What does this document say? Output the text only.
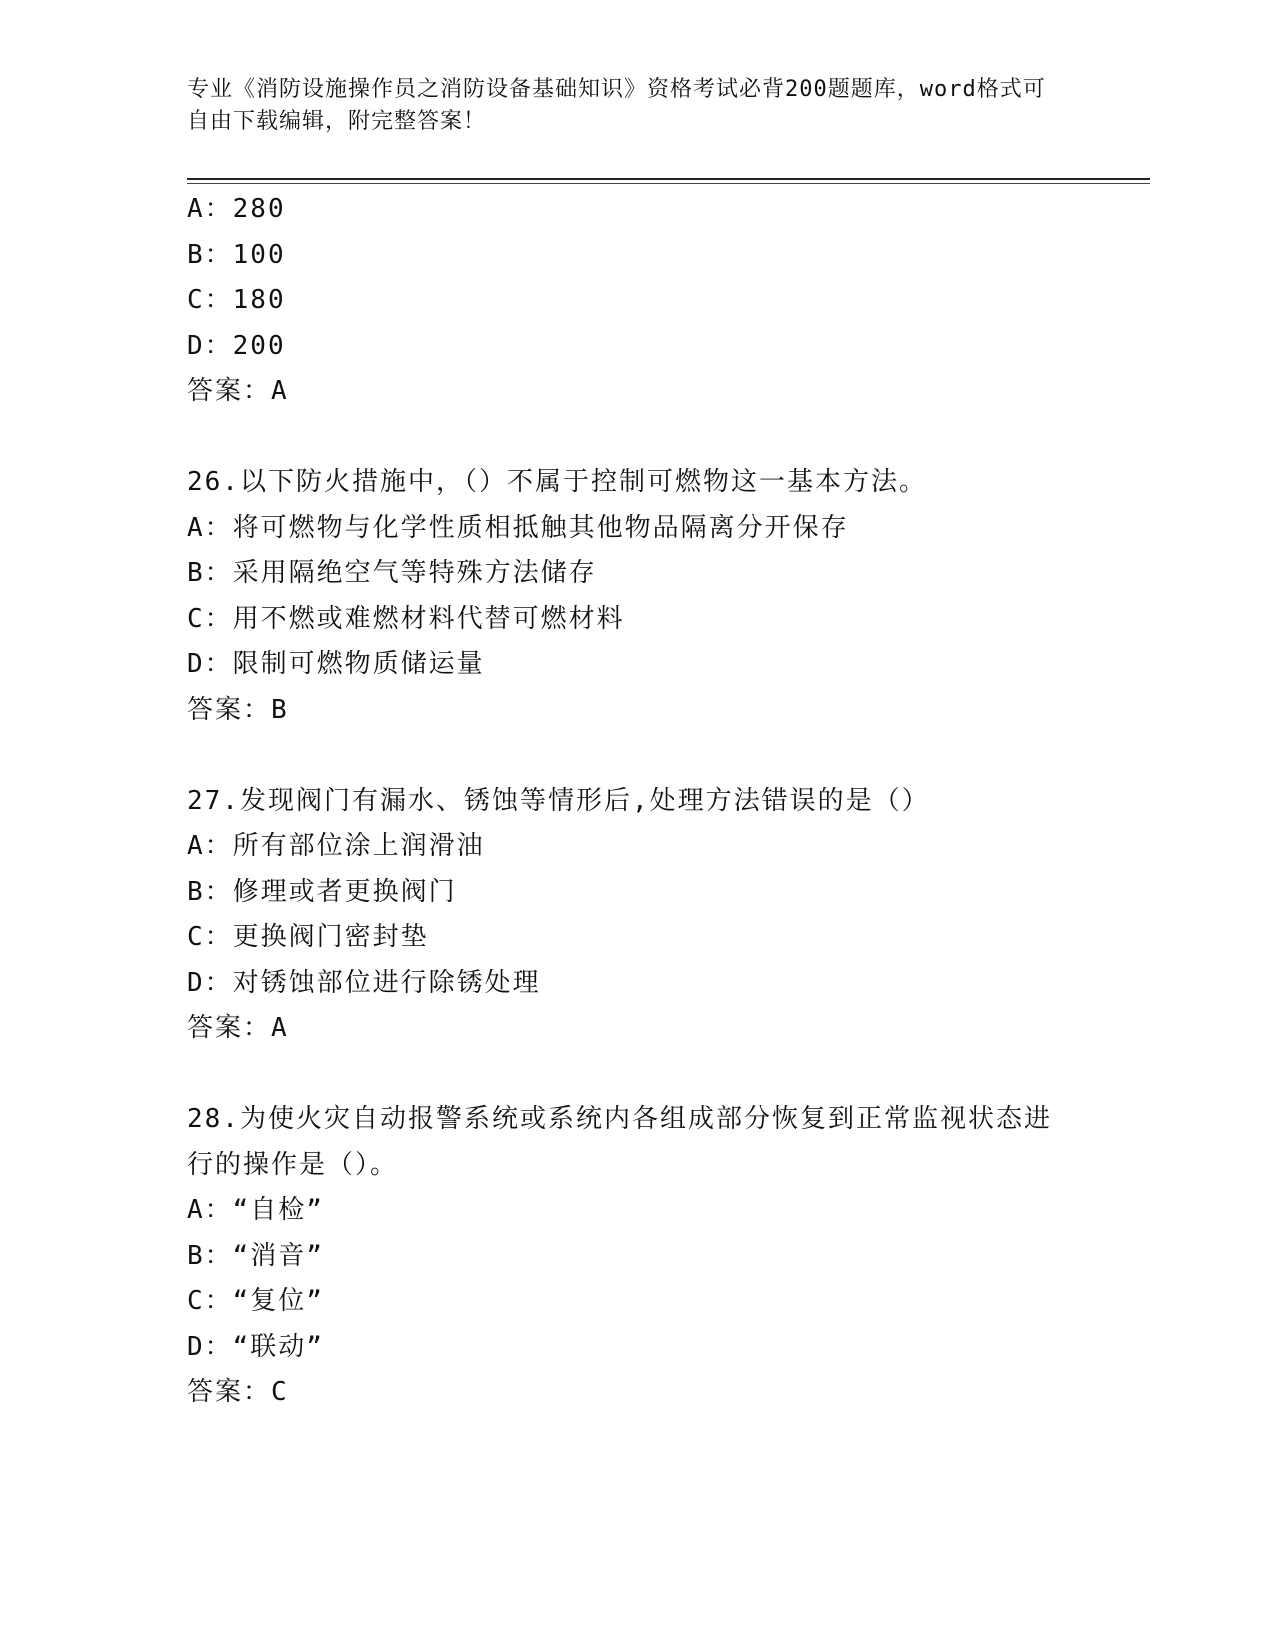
专业《消防设施操作员之消防设备基础知识》资格考试必背200题题库，word格式可自由下载编辑，附完整答案！
A：280
B：100
C：180
D：200
答案：A
26.以下防火措施中，（）不属于控制可燃物这一基本方法。
A：将可燃物与化学性质相抵触其他物品隔离分开保存
B：采用隔绝空气等特殊方法储存
C：用不燃或难燃材料代替可燃材料
D：限制可燃物质储运量
答案：B
27.发现阀门有漏水、锈蚀等情形后,处理方法错误的是（）
A：所有部位涂上润滑油
B：修理或者更换阀门
C：更换阀门密封垫
D：对锈蚀部位进行除锈处理
答案：A
28.为使火灾自动报警系统或系统内各组成部分恢复到正常监视状态进行的操作是（）。
A：“自检”
B：“消音”
C：“复位”
D：“联动”
答案：C
